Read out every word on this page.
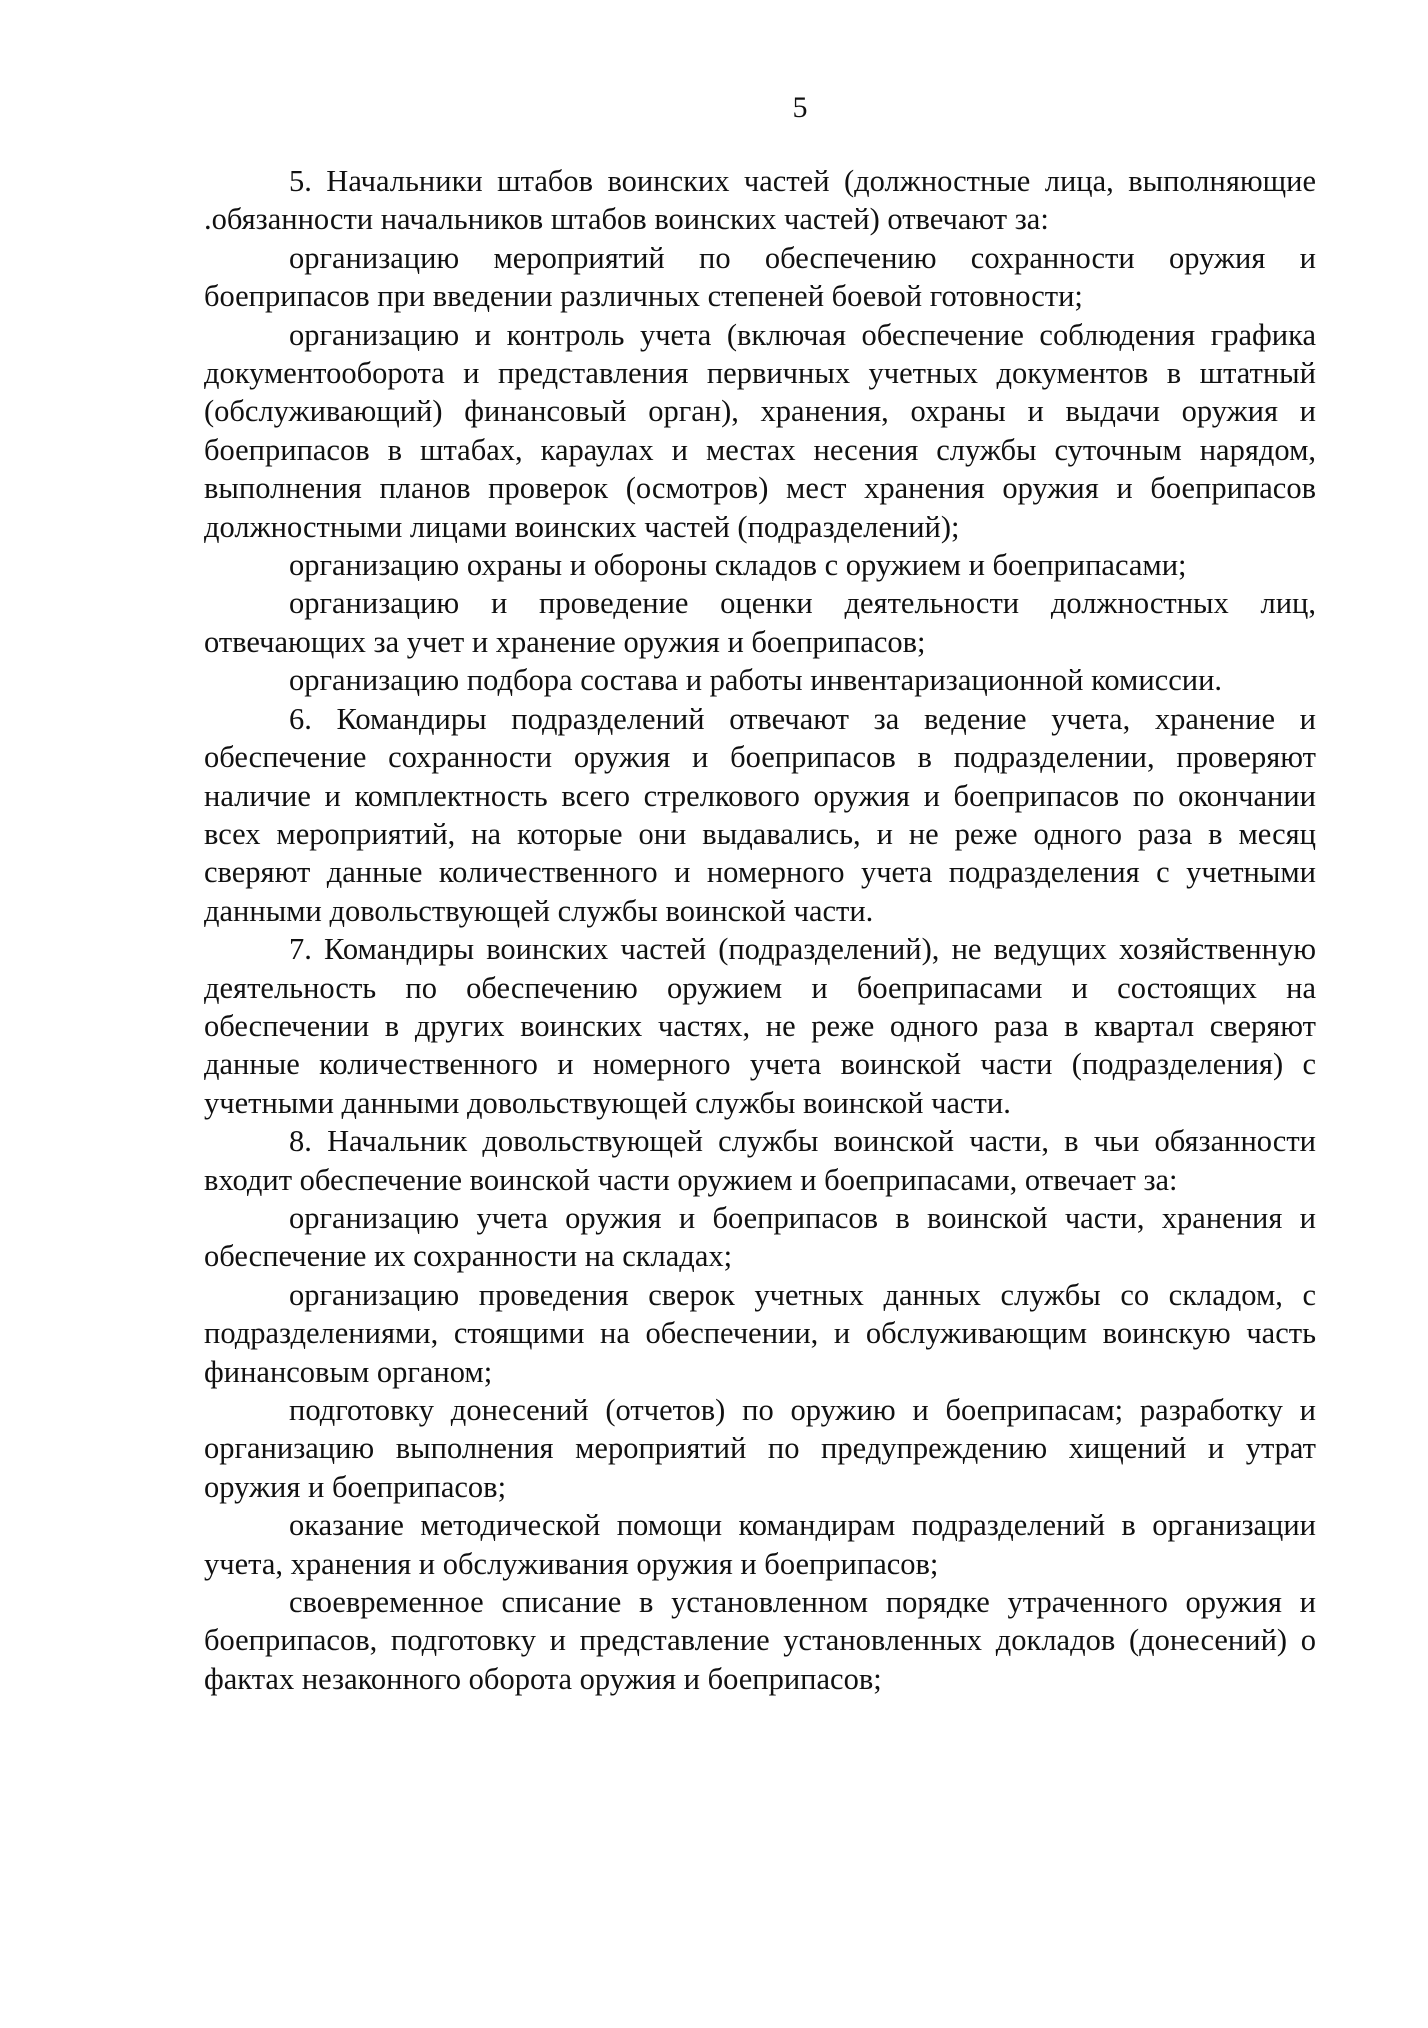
5

5. Начальники штабов воинских частей (должностные лица, выполняющие .обязанности начальников штабов воинских частей) отвечают за:

организацию мероприятий по обеспечению сохранности оружия и боеприпасов при введении различных степеней боевой готовности;

организацию и контроль учета (включая обеспечение соблюдения графика документооборота и представления первичных учетных документов в штатный (обслуживающий) финансовый орган), хранения, охраны и выдачи оружия и боеприпасов в штабах, караулах и местах несения службы суточным нарядом, выполнения планов проверок (осмотров) мест хранения оружия и боеприпасов должностными лицами воинских частей (подразделений);

организацию охраны и обороны складов с оружием и боеприпасами;

организацию и проведение оценки деятельности должностных лиц, отвечающих за учет и хранение оружия и боеприпасов;

организацию подбора состава и работы инвентаризационной комиссии.

6. Командиры подразделений отвечают за ведение учета, хранение и обеспечение сохранности оружия и боеприпасов в подразделении, проверяют наличие и комплектность всего стрелкового оружия и боеприпасов по окончании всех мероприятий, на которые они выдавались, и не реже одного раза в месяц сверяют данные количественного и номерного учета подразделения с учетными данными довольствующей службы воинской части.

7. Командиры воинских частей (подразделений), не ведущих хозяйственную деятельность по обеспечению оружием и боеприпасами и состоящих на обеспечении в других воинских частях, не реже одного раза в квартал сверяют данные количественного и номерного учета воинской части (подразделения) с учетными данными довольствующей службы воинской части.

8. Начальник довольствующей службы воинской части, в чьи обязанности входит обеспечение воинской части оружием и боеприпасами, отвечает за:

организацию учета оружия и боеприпасов в воинской части, хранения и обеспечение их сохранности на складах;

организацию проведения сверок учетных данных службы со складом, с подразделениями, стоящими на обеспечении, и обслуживающим воинскую часть финансовым органом;

подготовку донесений (отчетов) по оружию и боеприпасам; разработку и организацию выполнения мероприятий по предупреждению хищений и утрат оружия и боеприпасов;

оказание методической помощи командирам подразделений в организации учета, хранения и обслуживания оружия и боеприпасов;

своевременное списание в установленном порядке утраченного оружия и боеприпасов, подготовку и представление установленных докладов (донесений) о фактах незаконного оборота оружия и боеприпасов;
